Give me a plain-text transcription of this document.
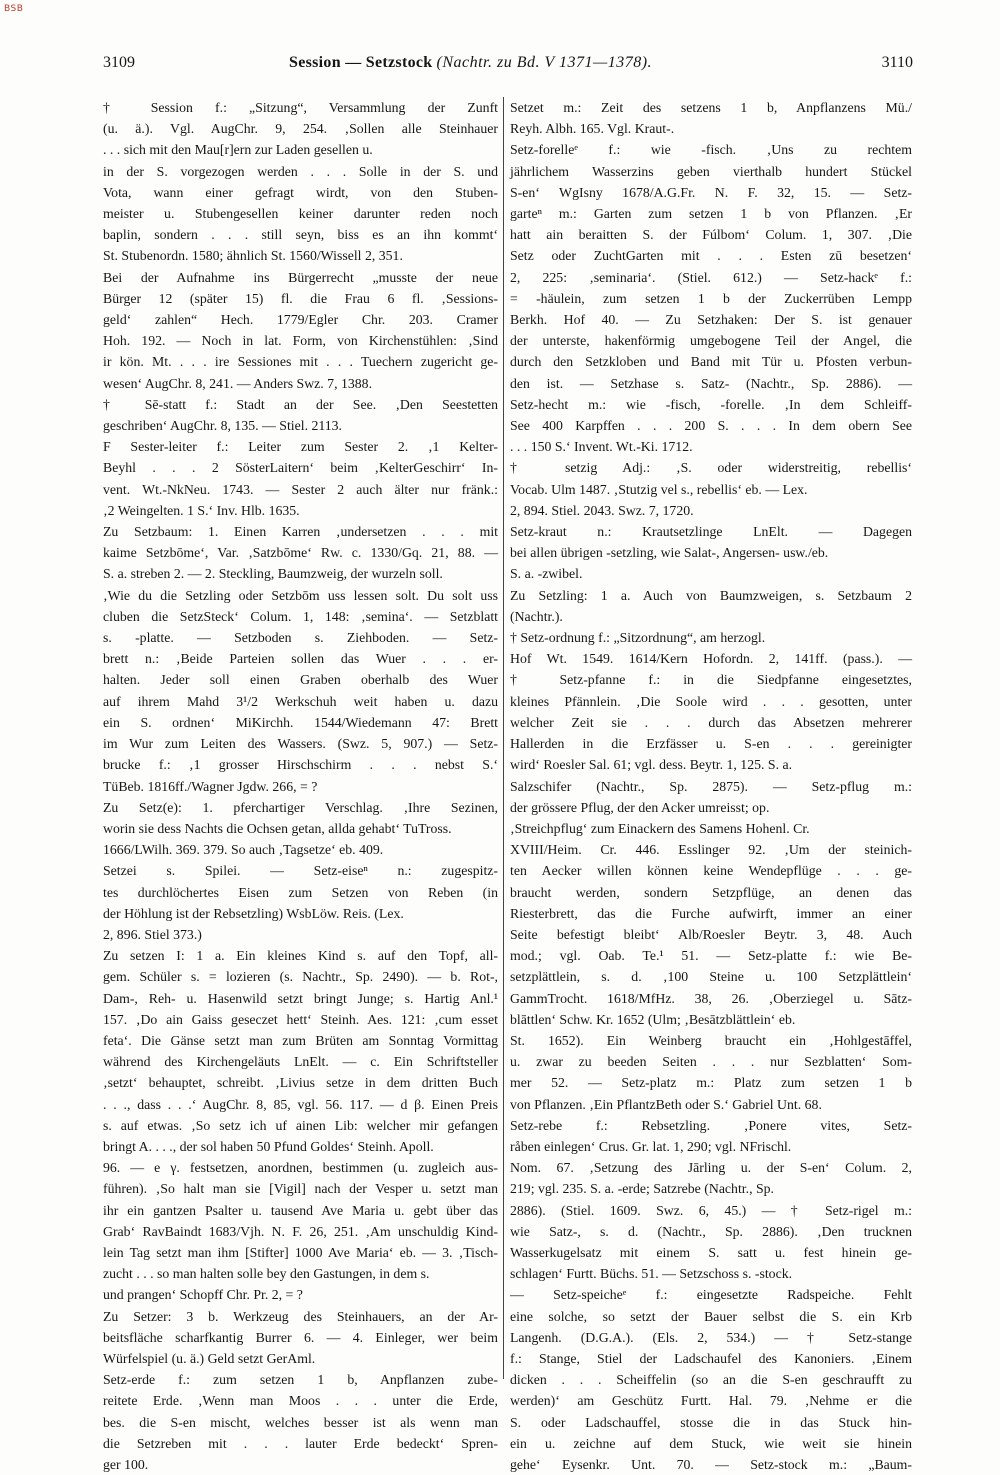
BSB
3109	Session — Setzstock (Nachtr. zu Bd. V 1371—1378).	3110
† Session f.: „Sitzung“, Versammlung der Zunft
(u. ä.). Vgl. AugChr. 9, 254. ‚Sollen alle Steinhauer
. . . sich mit den Mau[r]ern zur Laden gesellen u.
in der S. vorgezogen werden . . . Solle in der S. und
Vota, wann einer gefragt wirdt, von den Stuben-
meister u. Stubengesellen keiner darunter reden noch
baplin, sondern . . . still seyn, biss es an ihn kommt‘
St. Stubenordn. 1580; ähnlich St. 1560/Wissell 2, 351.
Bei der Aufnahme ins Bürgerrecht „musste der neue
Bürger 12 (später 15) fl. die Frau 6 fl. ‚Sessions-
geld‘ zahlen“ Hech. 1779/Egler Chr. 203. Cramer
Hoh. 192. — Noch in lat. Form, von Kirchenstühlen: ‚Sind
ir kön. Mt. . . . ire Sessiones mit . . . Tuechern zugericht ge-
wesen‘ AugChr. 8, 241. — Anders Swz. 7, 1388.
† Sē-statt f.: Stadt an der See. ‚Den Seestetten
geschriben‘ AugChr. 8, 135. — Stiel. 2113.
F Sester-leiter f.: Leiter zum Sester 2. ‚1 Kelter-
Beyhl . . . 2 SösterLaitern‘ beim ‚KelterGeschirr‘ In-
vent. Wt.-NkNeu. 1743. — Sester 2 auch älter nur fränk.:
‚2 Weingelten. 1 S.‘ Inv. Hlb. 1635.
Zu Setzbaum: 1. Einen Karren ‚undersetzen . . . mit
kaime Setzbōme‘, Var. ‚Satzbōme‘ Rw. c. 1330/Gq. 21, 88. —
S. a. streben 2. — 2. Steckling, Baumzweig, der wurzeln soll.
‚Wie du die Setzling oder Setzbōm uss lessen solt. Du solt uss
cluben die SetzSteck‘ Colum. 1, 148: ‚semina‘. — Setzblatt
s. -platte. — Setzboden s. Ziehboden. — Setz-
brett n.: ‚Beide Parteien sollen das Wuer . . . er-
halten. Jeder soll einen Graben oberhalb des Wuer
auf ihrem Mahd 3¹/2 Werkschuh weit haben u. dazu
ein S. ordnen‘ MiKirchh. 1544/Wiedemann 47: Brett
im Wur zum Leiten des Wassers. (Swz. 5, 907.) — Setz-
brucke f.: ‚1 grosser Hirschschirm . . . nebst S.‘
TüBeb. 1816ff./Wagner Jgdw. 266, = ?
Zu Setz(e): 1. pferchartiger Verschlag. ‚Ihre Sezinen,
worin sie dess Nachts die Ochsen getan, allda gehabt‘ TuTross.
1666/LWilh. 369. 379. So auch ‚Tagsetze‘ eb. 409.
Setzei s. Spilei. — Setz-eiseⁿ n.: zugespitz-
tes durchlöchertes Eisen zum Setzen von Reben (in
der Höhlung ist der Rebsetzling) WsbLöw. Reis. (Lex.
2, 896. Stiel 373.)
Zu setzen I: 1 a. Ein kleines Kind s. auf den Topf, all-
gem. Schüler s. = lozieren (s. Nachtr., Sp. 2490). — b. Rot-,
Dam-, Reh- u. Hasenwild setzt bringt Junge; s. Hartig Anl.¹
157. ‚Do ain Gaiss geseczet hett‘ Steinh. Aes. 121: ‚cum esset
feta‘. Die Gänse setzt man zum Brüten am Sonntag Vormittag
während des Kirchengeläuts LnElt. — c. Ein Schriftsteller
‚setzt‘ behauptet, schreibt. ‚Livius setze in dem dritten Buch
. . ., dass . . .‘ AugChr. 8, 85, vgl. 56. 117. — d β. Einen Preis
s. auf etwas. ‚So setz ich uf ainen Lib: welcher mir gefangen
bringt A. . . ., der sol haben 50 Pfund Goldes‘ Steinh. Apoll.
96. — e γ. festsetzen, anordnen, bestimmen (u. zugleich aus-
führen). ‚So halt man sie [Vigil] nach der Vesper u. setzt man
ihr ein gantzen Psalter u. tausend Ave Maria u. gebt über das
Grab‘ RavBaindt 1683/Vjh. N. F. 26, 251. ‚Am unschuldig Kind-
lein Tag setzt man ihm [Stifter] 1000 Ave Maria‘ eb. — 3. ‚Tisch-
zucht . . . so man halten solle bey den Gastungen, in dem s.
und prangen‘ Schopff Chr. Pr. 2, = ?
Zu Setzer: 3 b. Werkzeug des Steinhauers, an der Ar-
beitsfläche scharfkantig Burrer 6. — 4. Einleger, wer beim
Würfelspiel (u. ä.) Geld setzt GerAml.
Setz-erde f.: zum setzen 1 b, Anpflanzen zube-
reitete Erde. ‚Wenn man Moos . . . unter die Erde,
bes. die S-en mischt, welches besser ist als wenn man
die Setzreben mit . . . lauter Erde bedeckt‘ Spren-
ger 100.
Setzet m.: Zeit des setzens 1 b, Anpflanzens Mü./
Reyh. Albh. 165. Vgl. Kraut-.
Setz-forelleᵉ f.: wie -fisch. ‚Uns zu rechtem
jährlichem Wasserzins geben vierthalb hundert Stückel
S-en‘ WgIsny 1678/A.G.Fr. N. F. 32, 15. — Setz-
garteⁿ m.: Garten zum setzen 1 b von Pflanzen. ‚Er
hatt ain beraitten S. der Fúlbom‘ Colum. 1, 307. ‚Die
Setz oder ZuchtGarten mit . . . Esten zū besetzen‘
2, 225: ‚seminaria‘. (Stiel. 612.) — Setz-hackᵉ f.:
= -häulein, zum setzen 1 b der Zuckerrüben Lempp
Berkh. Hof 40. — Zu Setzhaken: Der S. ist genauer
der unterste, hakenförmig umgebogene Teil der Angel, die
durch den Setzkloben und Band mit Tür u. Pfosten verbun-
den ist. — Setzhase s. Satz- (Nachtr., Sp. 2886). —
Setz-hecht m.: wie -fisch, -forelle. ‚In dem Schleiff-
See 400 Karpffen . . . 200 S. . . . In dem obern See
. . . 150 S.‘ Invent. Wt.-Ki. 1712.
† setzig Adj.: ‚S. oder widerstreitig, rebellis‘
Vocab. Ulm 1487. ‚Stutzig vel s., rebellis‘ eb. — Lex.
2, 894. Stiel. 2043. Swz. 7, 1720.
Setz-kraut n.: Krautsetzlinge LnElt. — Dagegen
bei allen übrigen -setzling, wie Salat-, Angersen- usw./eb.
S. a. -zwibel.
Zu Setzling: 1 a. Auch von Baumzweigen, s. Setzbaum 2
(Nachtr.).
† Setz-ordnung f.: „Sitzordnung“, am herzogl.
Hof Wt. 1549. 1614/Kern Hofordn. 2, 141ff. (pass.). —
† Setz-pfanne f.: in die Siedpfanne eingesetztes,
kleines Pfännlein. ‚Die Soole wird . . . gesotten, unter
welcher Zeit sie . . . durch das Absetzen mehrerer
Hallerden in die Erzfässer u. S-en . . . gereinigter
wird‘ Roesler Sal. 61; vgl. dess. Beytr. 1, 125. S. a.
Salzschifer (Nachtr., Sp. 2875). — Setz-pflug m.:
der grössere Pflug, der den Acker umreisst; op.
‚Streichpflug‘ zum Einackern des Samens Hohenl. Cr.
XVIII/Heim. Cr. 446. Esslinger 92. ‚Um der steinich-
ten Aecker willen können keine Wendepflüge . . . ge-
braucht werden, sondern Setzpflüge, an denen das
Riesterbrett, das die Furche aufwirft, immer an einer
Seite befestigt bleibt‘ Alb/Roesler Beytr. 3, 48. Auch
mod.; vgl. Oab. Te.¹ 51. — Setz-platte f.: wie Be-
setzplättlein, s. d. ‚100 Steine u. 100 Setzplättlein‘
GammTrocht. 1618/MfHz. 38, 26. ‚Oberziegel u. Sātz-
blāttlen‘ Schw. Kr. 1652 (Ulm; ‚Besātzblättlein‘ eb.
St. 1652). Ein Weinberg braucht ein ‚Hohlgestāffel,
u. zwar zu beeden Seiten . . . nur Sezblatten‘ Som-
mer 52. — Setz-platz m.: Platz zum setzen 1 b
von Pflanzen. ‚Ein PflantzBeth oder S.‘ Gabriel Unt. 68.
Setz-rebe f.: Rebsetzling. ‚Ponere vites, Setz-
råben einlegen‘ Crus. Gr. lat. 1, 290; vgl. NFrischl.
Nom. 67. ‚Setzung des Jārling u. der S-en‘ Colum. 2,
219; vgl. 235. S. a. -erde; Satzrebe (Nachtr., Sp.
2886). (Stiel. 1609. Swz. 6, 45.) — † Setz-rigel m.:
wie Satz-, s. d. (Nachtr., Sp. 2886). ‚Den trucknen
Wasserkugelsatz mit einem S. satt u. fest hinein ge-
schlagen‘ Furtt. Büchs. 51. — Setzschoss s. -stock.
— Setz-speicheᵉ f.: eingesetzte Radspeiche. Fehlt
eine solche, so setzt der Bauer selbst die S. ein Krb
Langenh. (D.G.A.). (Els. 2, 534.) — † Setz-stange
f.: Stange, Stiel der Ladschaufel des Kanoniers. ‚Einem
dicken . . . Scheiffelin (so an die S-en geschraufft zu
werden)‘ am Geschütz Furtt. Hal. 79. ‚Nehme er die
S. oder Ladschauffel, stosse die in das Stuck hin-
ein u. zeichne auf dem Stuck, wie weit sie hinein
gehe‘ Eysenkr. Unt. 70. — Setz-stock m.: „Baum-
